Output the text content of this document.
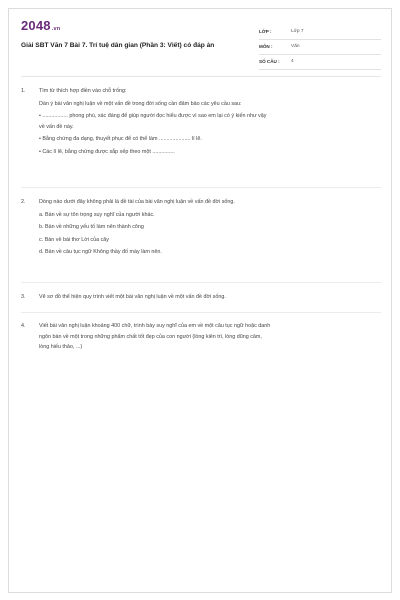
2048.vn
Giải SBT Văn 7 Bài 7. Trí tuệ dân gian (Phần 3: Viết) có đáp án
LỚP :	Lớp 7
MÔN :	Văn
SỐ CÂU : 4
1.	Tìm từ thích hợp điền vào chỗ trống:
Dàn ý bài văn nghị luận về một vấn đề trong đời sống cần đảm bảo các yêu cầu sau:
• ................. phong phú, xác đáng để giúp người đọc hiểu được vì sao em lại có ý kiến như vậy
về vấn đề này.
• Bằng chứng đa dạng, thuyết phục để có thể làm ..................... lí lẽ.
• Các lí lẽ, bằng chứng được sắp xếp theo một ...............
2.	Dòng nào dưới đây không phải là đề tài của bài văn nghị luận về vấn đề đời sống.
a. Bàn về sự tôn trọng suy nghĩ của người khác.
b. Bàn về những yếu tố làm nên thành công
c. Bàn về bài thơ Lời của cây
d. Bàn về câu tục ngữ Không thầy đố mày làm nên.
3.	Vẽ sơ đồ thể hiện quy trình viết một bài văn nghị luận về một vấn đề đời sống.
4.	Viết bài văn nghị luận khoảng 400 chữ, trình bày suy nghĩ của em về một câu tục ngữ hoặc danh
ngôn bàn về một trong những phẩm chất tốt đẹp của con người (lòng kiên trì, lòng dũng cảm,
lòng hiếu thảo, ...)
